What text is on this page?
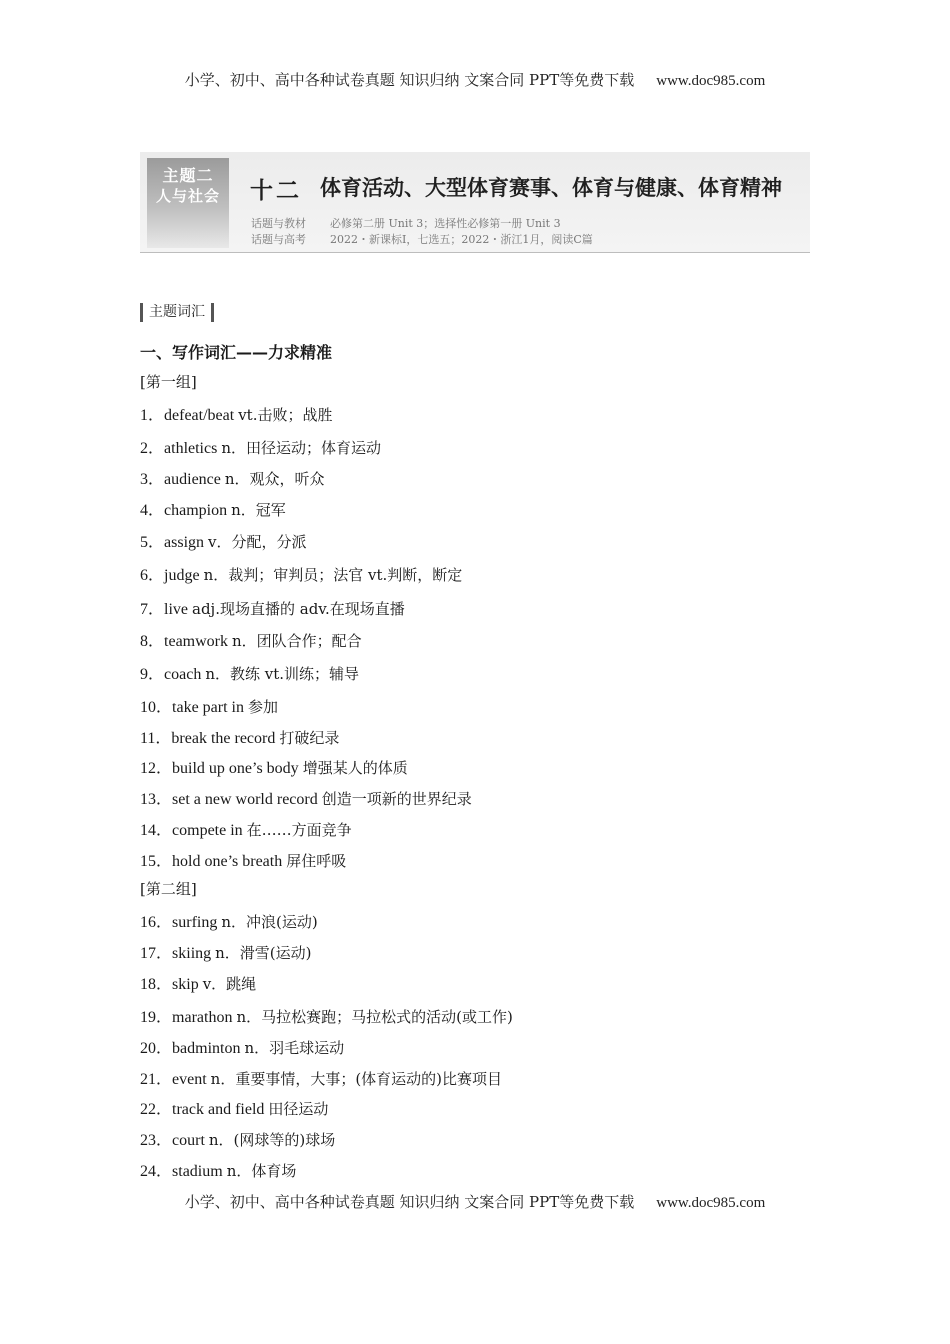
小学、初中、高中各种试卷真题 知识归纳 文案合同 PPT等免费下载 www.doc985.com
主题二
人与社会	十二 体育活动、大型体育赛事、体育与健康、体育精神
话题与教材 必修第二册 Unit 3；选择性必修第一册 Unit 3
话题与高考 2022・新课标Ⅰ，七选五；2022・浙江1月，阅读C篇
主题词汇
一、写作词汇——力求精准
[第一组]
[第二组]
1．defeat/beat vt.击败；战胜
2．athletics n．田径运动；体育运动
3．audience n．观众，听众
4．champion n．冠军
5．assign v．分配，分派
6．judge n．裁判；审判员；法官 vt.判断，断定
7．live adj.现场直播的 adv.在现场直播
8．teamwork n．团队合作；配合
9．coach n．教练 vt.训练；辅导
10．take part in 参加
11．break the record 打破纪录
12．build up one’s body 增强某人的体质
13．set a new world record 创造一项新的世界纪录
14．compete in 在……方面竞争
15．hold one’s breath 屏住呼吸
16．surfing n．冲浪(运动)
17．skiing n．滑雪(运动)
18．skip v．跳绳
19．marathon n．马拉松赛跑；马拉松式的活动(或工作)
20．badminton n．羽毛球运动
21．event n．重要事情，大事；(体育运动的)比赛项目
22．track and field 田径运动
23．court n．(网球等的)球场
24．stadium n．体育场
小学、初中、高中各种试卷真题 知识归纳 文案合同 PPT等免费下载 www.doc985.com
